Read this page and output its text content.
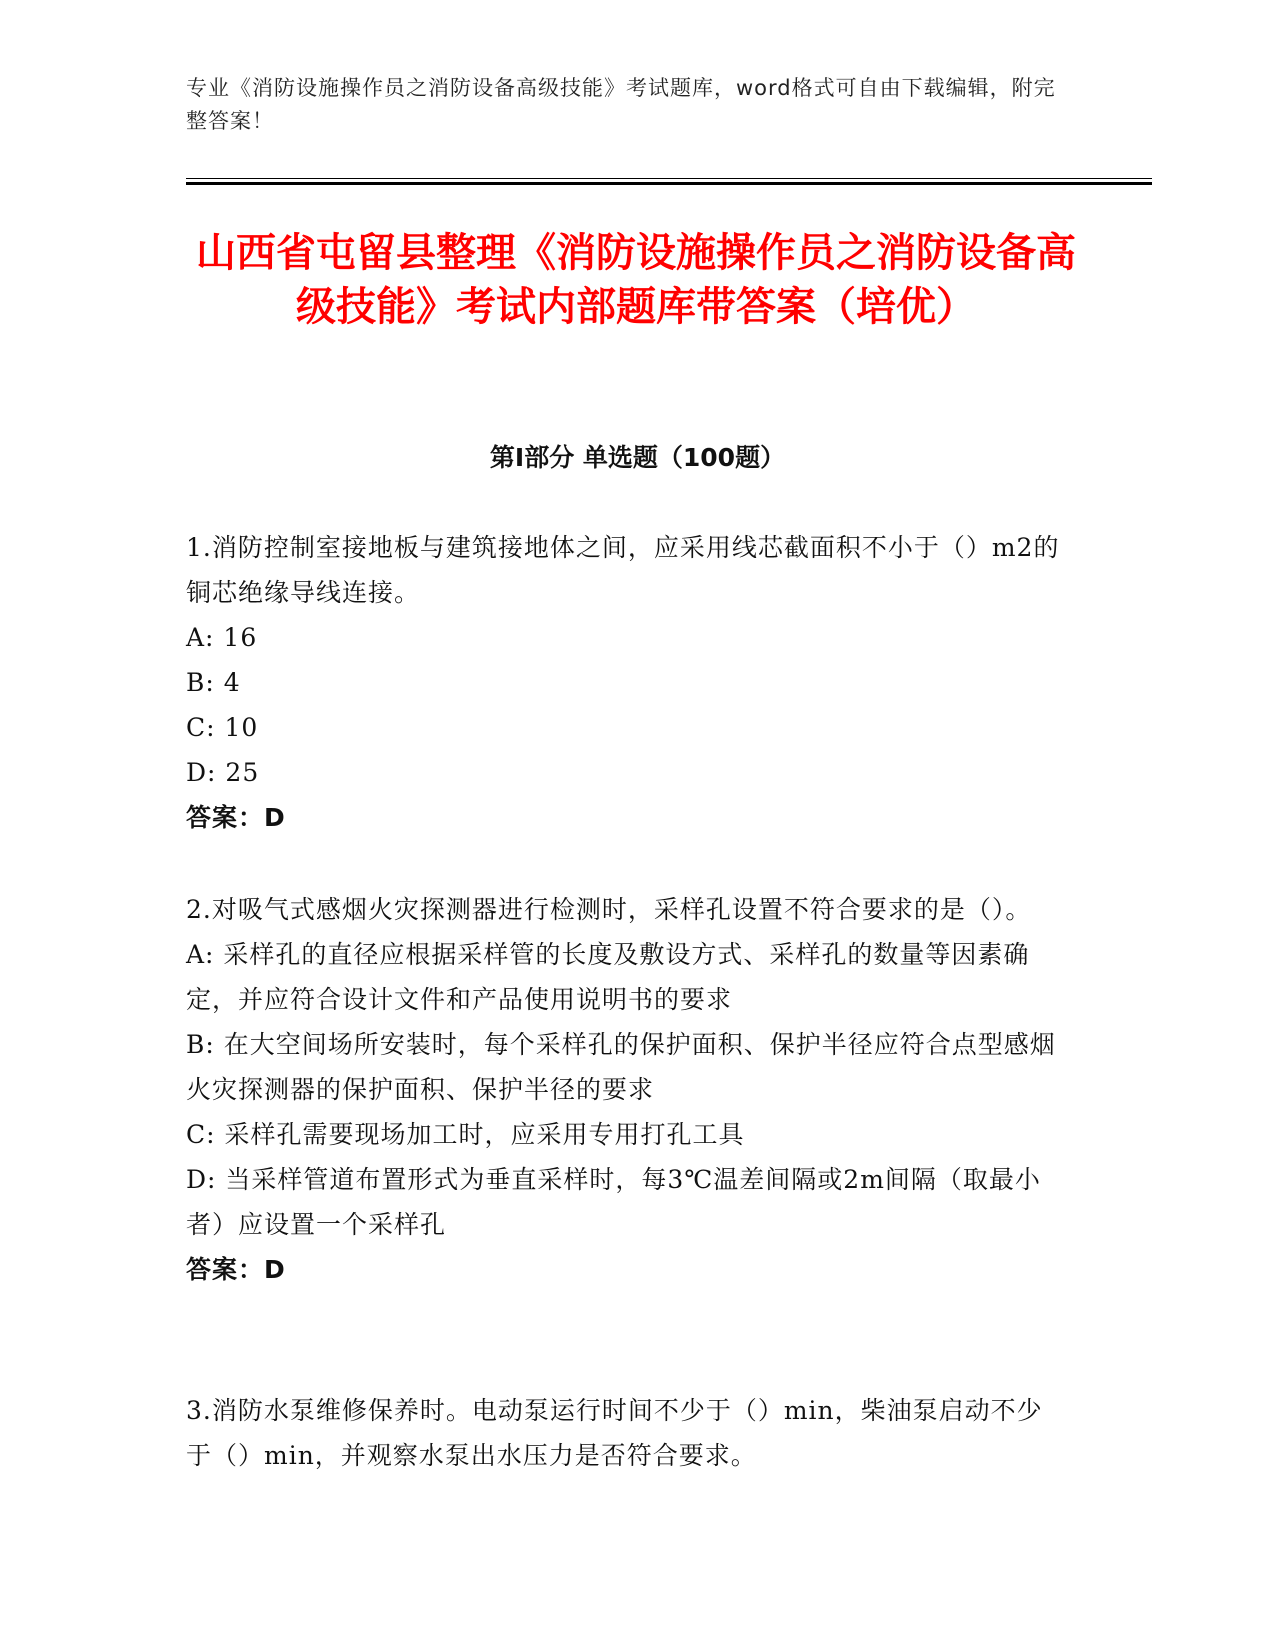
专业《消防设施操作员之消防设备高级技能》考试题库，word格式可自由下载编辑，附完整答案！
山西省屯留县整理《消防设施操作员之消防设备高级技能》考试内部题库带答案（培优）
第I部分 单选题（100题）

1.消防控制室接地板与建筑接地体之间，应采用线芯截面积不小于（）m2的铜芯绝缘导线连接。

A: 16

B: 4

C: 10

D: 25

答案：D

2.对吸气式感烟火灾探测器进行检测时，采样孔设置不符合要求的是（）。

A: 采样孔的直径应根据采样管的长度及敷设方式、采样孔的数量等因素确定，并应符合设计文件和产品使用说明书的要求

B: 在大空间场所安装时，每个采样孔的保护面积、保护半径应符合点型感烟火灾探测器的保护面积、保护半径的要求

C: 采样孔需要现场加工时，应采用专用打孔工具

D: 当采样管道布置形式为垂直采样时，每3℃温差间隔或2m间隔（取最小者）应设置一个采样孔

答案：D

3.消防水泵维修保养时。电动泵运行时间不少于（）min，柴油泵启动不少于（）min，并观察水泵出水压力是否符合要求。
